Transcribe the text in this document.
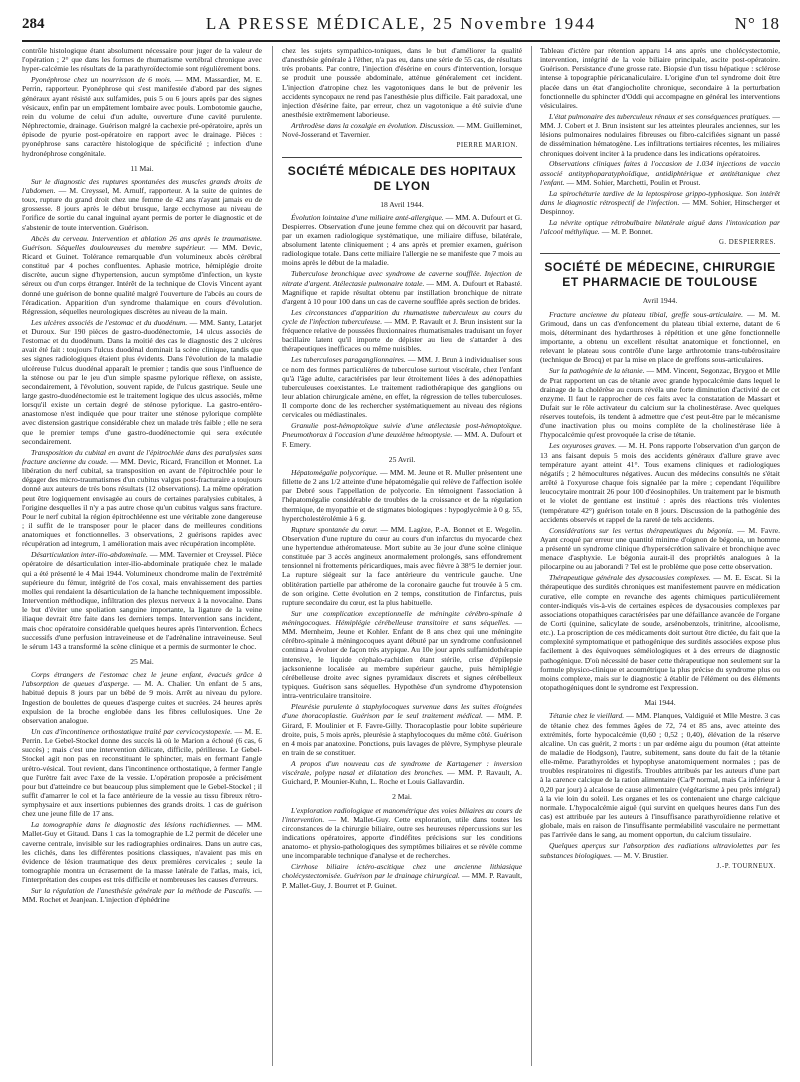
284	LA PRESSE MÉDICALE, 25 Novembre 1944	N° 18

contrôle histologique étant absolument nécessaire pour juger de la valeur de l'opération ; 2° que dans les formes de rhumatisme vertébral chronique avec hyper-calcémie les résultats de la parathyroïdectomie sont régulièrement bons.

Pyonéphrose chez un nourrisson de 6 mois. — MM. Massardier, M. E. Perrin, rapporteur. Pyonéphrose qui s'est manifestée d'abord par des signes généraux ayant résisté aux sulfamides, puis 5 ou 6 jours après par des signes vésicaux, enfin par un empâtement lombaire avec pouls. Lombotomie gauche, rein du volume de celui d'un adulte, ouverture d'une cavité purulente. Néphrectomie, drainage. Guérison malgré la cachexie pré-opératoire, après un épisode de pyurie post-opératoire en rapport avec le drainage. Pièces : pyonéphrose sans caractère histologique de spécificité ; infection d'une hydronéphrose congénitale.

11 Mai.

Sur le diagnostic des ruptures spontanées des muscles grands droits de l'abdomen. — M. Creyssel, M. Arnulf, rapporteur. A la suite de quintes de toux, rupture du grand droit chez une femme de 42 ans n'ayant jamais eu de grossesse. 8 jours après le début brusque, large ecchymose au niveau de l'orifice de sortie du canal inguinal ayant permis de porter le diagnostic et de s'abstenir de toute intervention. Guérison.

Abcès du cerveau. Intervention et ablation 26 ans après le traumatisme. Guérison. Séquelles douloureuses du membre supérieur. — MM. Devic, Ricard et Guinet. Tolérance remarquable d'un volumineux abcès cérébral constitué par 4 poches confluentes. Aphasie motrice, hémiplégie droite discrète, aucun signe d'hypertension, aucun symptôme d'infection, un kyste séreux ou d'un corps étranger. Intérêt de la technique de Clovis Vincent ayant donné une guérison de bonne qualité malgré l'ouverture de l'abcès au cours de l'éradication. Apparition d'un syndrome thalamique en cours d'évolution. Régression, séquelles neurologiques discrètes au niveau de la main.

Les ulcères associés de l'estomac et du duodénum. — MM. Santy, Latarjet et Duroux. Sur 190 pièces de gastro-duodénectomie, 14 ulcus associés de l'estomac et du duodénum. Dans la moitié des cas le diagnostic des 2 ulcères avait été fait : toujours l'ulcus duodénal dominait la scène clinique, tandis que ses signes radiologiques étaient plus évidents. Dans l'évolution de la maladie ulcéreuse l'ulcus duodénal apparaît le premier ; tandis que sous l'influence de la sténose ou par le jeu d'un simple spasme pylorique réflexe, on assiste, secondairement, à l'évolution, souvent rapide, de l'ulcus gastrique. Seule une large gastro-duodénectomie est le traitement logique des ulcus associés, même lorsqu'il existe un certain degré de sténose pylorique. La gastro-entéro-anastomose n'est indiquée que pour traiter une sténose pylorique complète avec distension gastrique considérable chez un malade très faible ; elle ne sera que le premier temps d'une gastro-duodénectomie qui sera exécutée secondairement.

Transposition du cubital en avant de l'épitrochlée dans des paralysies sans fracture ancienne du coude. — MM. Devic, Ricard, Francillon et Monnet. La libération du nerf cubital, sa transposition en avant de l'épitrochlée pour le dégager des micro-traumatismes d'un cubitus valgus post-fracturaire a toujours donné aux auteurs de très bons résultats (12 observations). La même opération peut être logiquement envisagée au cours de certaines paralysies cubitales, à l'origine desquelles il n'y a pas autre chose qu'un cubitus valgus sans fracture. Pour le nerf cubital la région épitrochléenne est une véritable zone dangereuse ; il suffit de le transposer pour le placer dans de meilleures conditions anatomiques et fonctionnelles. 3 observations, 2 guérisons rapides avec récupération ad integrum, 1 amélioration mais avec récupération incomplète.

Désarticulation inter-ilio-abdominale. — MM. Tavernier et Creyssel. Pièce opératoire de désarticulation inter-ilio-abdominale pratiquée chez le malade qui a été présenté le 4 Mai 1944. Volumineux chondrome malin de l'extrémité supérieure du fémur, intégrité de l'os coxal, mais envahissement des parties molles qui rendaient la désarticulation de la hanche techniquement impossible. Intervention méthodique, infiltration des plexus nerveux à la novocaïne. Dans le but d'éviter une spoliation sanguine importante, la ligature de la veine iliaque devrait être faite dans les derniers temps. Intervention sans incident, mais choc opératoire considérable quelques heures après l'intervention. Échecs successifs d'une perfusion intraveineuse et de l'adrénaline intraveineuse. Seul le sérum 143 a transformé la scène clinique et a permis de surmonter le choc.

25 Mai.

Corps étrangers de l'estomac chez le jeune enfant, évacués grâce à l'absorption de queues d'asperge. — M. A. Chalier. Un enfant de 5 ans, habitué depuis 8 jours par un bébé de 9 mois. Arrêt au niveau du pylore. Ingestion de boulettes de queues d'asperge cuites et sucrées. 24 heures après expulsion de la broche englobée dans les fibres cellulosiques. Une 2e observation analogue.

Un cas d'incontinence orthostatique traité par cervicocystopexie. — M. E. Perrin. Le Gebel-Stockel donne des succès là où le Marion a échoué (6 cas, 6 succès) ; mais c'est une intervention délicate, difficile, périlleuse. Le Gebel-Stockel agit non pas en reconstituant le sphincter, mais en fermant l'angle urétro-vésical. Tout revient, dans l'incontinence orthostatique, à fermer l'angle que l'urètre fait avec l'axe de la vessie. L'opération proposée a précisément pour but d'atteindre ce but beaucoup plus simplement que le Gebel-Stockel ; il suffit d'amarrer le col et la face antérieure de la vessie au tissu fibreux rétro-symphysaire et aux insertions pubiennes des grands droits. 1 cas de guérison chez une jeune fille de 17 ans.

La tomographie dans le diagnostic des lésions rachidiennes. — MM. Mallet-Guy et Gitaud. Dans 1 cas la tomographie de L2 permit de déceler une caverne centrale, invisible sur les radiographies ordinaires. Dans un autre cas, les clichés, dans les différentes positions classiques, n'avaient pas mis en évidence de lésion traumatique des deux premières cervicales ; seule la tomographie montra un écrasement de la masse latérale de l'atlas, mais, ici, l'interprétation des coupes est très difficile et nombreuses les causes d'erreurs.

Sur la régulation de l'anesthésie générale par la méthode de Pascalis. — MM. Rochet et Jeanjean. L'injection d'éphédrine

chez les sujets sympathico-toniques, dans le but d'améliorer la qualité d'anesthésie générale à l'éther, n'a pas eu, dans une série de 55 cas, de résultats très probants. Par contre, l'injection d'ésérine en cours d'intervention, lorsque se produit une poussée abdominale, atténue généralement cet incident. L'injection d'atropine chez les vagotoniques dans le but de prévenir les accidents syncopaux ne rend pas l'anesthésie plus difficile. Fait paradoxal, une injection d'ésérine faite, par erreur, chez un vagotonique a été suivie d'une anesthésie extrêmement laborieuse.

Arthrodèse dans la coxalgie en évolution. Discussion. — MM. Guilleminet, Nové-Josserand et Tavernier.

PIERRE MARION.
SOCIÉTÉ MÉDICALE DES HOPITAUX DE LYON
18 Avril 1944.

Évolution lointaine d'une miliaire anté-allergique. — MM. A. Dufourt et G. Despierres. Observation d'une jeune femme chez qui on découvrit par hasard, par un examen radiologique systématique, une miliaire diffuse, bilatérale, absolument latente cliniquement ; 4 ans après et premier examen, guérison radiologique totale. Dans cette miliaire l'allergie ne se manifeste que 7 mois au moins après le début de la maladie.

Tuberculose bronchique avec syndrome de caverne soufflée. Injection de nitrate d'argent. Atélectasie pulmonaire totale. — MM. A. Dufourt et Rabasté. Magnifique et rapide résultat obtenu par instillation bronchique de nitrate d'argent à 10 pour 100 dans un cas de caverne soufflée après section de brides.

Les circonstances d'apparition du rhumatisme tuberculeux au cours du cycle de l'infection tuberculeuse. — MM. P. Ravault et J. Brun insistent sur la fréquence relative de poussées fluxionnaires rhumatismales traduisant un foyer bacillaire latent qu'il importe de dépister au lieu de s'attarder à des thérapeutiques inefficaces ou même nuisibles.

Les tuberculoses paraganglionnaires. — MM. J. Brun à individualiser sous ce nom des formes particulières de tuberculose surtout viscérale, chez l'enfant qu'à l'âge adulte, caractérisées par leur étroitement liées à des adénopathies tuberculeuses coexistantes. Le traitement radiothérapique des ganglions ou leur ablation chirurgicale amène, en effet, la régression de telles tuberculoses. Il comporte donc de les rechercher systématiquement au niveau des régions cervicales ou médiastinales.

Granulie post-hémoptoïque suivie d'une atélectasie post-hémoptoïque. Pneumothorax à l'occasion d'une deuxième hémoptysie. — MM. A. Dufourt et F. Emery.

25 Avril.

Hépatomégalie polycorique. — MM. M. Jeune et R. Muller présentent une fillette de 2 ans 1/2 atteinte d'une hépatomégalie qui relève de l'affection isolée par Debré sous l'appellation de polycorie. En témoignent l'association à l'hépatomégalie considérable de troubles de la croissance et de la régulation thermique, de myopathie et de stigmates biologiques : hypoglycémie à 0 g. 55, hypercholestérolémie à 6 g.

Rupture spontanée du cœur. — MM. Lagèze, P.-A. Bonnet et E. Wegelin. Observation d'une rupture du cœur au cours d'un infarctus du myocarde chez une hypertendue athéromateuse. Mort subite au 3e jour d'une scène clinique constituée par 3 accès angineux anormalement prolongés, sans effondrement tensionnel ni frottements péricardiques, mais avec fièvre à 38°5 le dernier jour. La rupture siégeait sur la face antérieure du ventricule gauche. Une oblitération partielle par athérome de la coronaire gauche fut trouvée à 5 cm. de son origine. Cette évolution en 2 temps, constitution de l'infarctus, puis rupture secondaire du cœur, est la plus habituelle.

Sur une complication exceptionnelle de méningite cérébro-spinale à méningocoques. Hémiplégie cérébelleuse transitoire et sans séquelles. — MM. Mernheim, Jeune et Kohler. Enfant de 8 ans chez qui une méningite cérébro-spinale à méningocoques ayant débuté par un syndrome confusionnel continua à évoluer de façon très atypique. Au 10e jour après sulfamidothérapie intensive, le liquide céphalo-rachidien étant stérile, crise d'épilepsie jacksonienne localisée au membre supérieur gauche, puis hémiplégie cérébelleuse droite avec signes pyramidaux discrets et signes cérébelleux typiques. Guérison sans séquelles. Hypothèse d'un syndrome d'hypotension intra-ventriculaire transitoire.

Pleurésie purulente à staphylocoques survenue dans les suites éloignées d'une thoracoplastie. Guérison par le seul traitement médical. — MM. P. Girard, F. Moulinier et F. Favre-Gilly. Thoracoplastie pour lobite supérieure droite, puis, 5 mois après, pleurésie à staphylocoques du même côté. Guérison en 4 mois par anatoxine. Ponctions, puis lavages de plèvre, Symphyse pleurale en train de se constituer.

A propos d'un nouveau cas de syndrome de Kartagener : inversion viscérale, polype nasal et dilatation des bronches. — MM. P. Ravault, A. Guichard, P. Mounier-Kuhn, L. Roche et Louis Gallavardin.

2 Mai.

L'exploration radiologique et manométrique des voies biliaires au cours de l'intervention. — M. Mallet-Guy. Cette exploration, utile dans toutes les circonstances de la chirurgie biliaire, outre ses heureuses répercussions sur les indications opératoires, apporte d'indéfites précisions sur les conditions anatomo- et physio-pathologiques des symptômes biliaires et se révèle comme une incomparable technique d'analyse et de recherches.

Cirrhose biliaire ictéro-ascitique chez une ancienne lithiasique cholécystectomisée. Guérison par le drainage chirurgical. — MM. P. Ravault, P. Mallet-Guy, J. Bourret et P. Guinet.

Tableau d'ictère par rétention apparu 14 ans après une cholécystectomie, intervention, intégrité de la voie biliaire principale, ascite post-opératoire. Guérison. Persistance d'une grosse rate. Biopsie d'un tissu hépatique : sclérose intense à topographie péricanaliculaire. L'origine d'un tel syndrome doit être placée dans un état d'angiocholite chronique, secondaire à la perturbation fonctionnelle du sphincter d'Oddi qui accompagne en général les interventions vésiculaires.

L'état pulmonaire des tuberculeux rénaux et ses conséquences pratiques. — MM. J. Cobert et J. Brun insistent sur les atteintes pleurales anciennes, sur les lésions pulmonaires nodulaires fibreuses ou fibro-calcifiées signant un passé de dissémination hématogène. Les infiltrations tertiaires récentes, les miliaires chroniques doivent inciter à la prudence dans les indications opératoires.

Observations cliniques faites à l'occasion de 1.034 injections de vaccin associé antityphoparatyphoïdique, antidiphtérique et antitétanique chez l'enfant. — MM. Sohier, Marchetti, Poulin et Proust.

La spirochéturie tardive de la leptospirose grippo-typhosique. Son intérêt dans le diagnostic rétrospectif de l'infection. — MM. Sohier, Hinscherger et Despinnoy.

La névrite optique rétrobulbaire bilatérale aiguë dans l'intoxication par l'alcool méthylique. — M. P. Bonnet.

G. DESPIERRES.
SOCIÉTÉ DE MÉDECINE, CHIRURGIE ET PHARMACIE DE TOULOUSE
Avril 1944.

Fracture ancienne du plateau tibial, greffe sous-articulaire. — M. M. Grimoud, dans un cas d'enfoncement du plateau tibial externe, datant de 6 mois, déterminant des hydarthroses à répétition et une gêne fonctionnelle importante, a obtenu un excellent résultat anatomique et fonctionnel, en relevant le plateau sous contrôle d'une large arthrotomie trans-tubérositaire (technique de Brocq) et par la mise en place de greffons sous-articulaires.

Sur la pathogénie de la tétanie. — MM. Vincent, Segonzac, Brygoo et Mlle de Prat rapportent un cas de tétanie avec grande hypocalcémie dans lequel le drainage de la cholérèse au cours révéla une forte diminution d'activité de cet enzyme. Il faut le rapprocher de ces faits avec la constatation de Massart et Dufait sur le rôle activateur du calcium sur la cholinestérase. Avec quelques réserves toutefois, ils tendent à admettre que c'est peut-être par le mécanisme d'une inactivation plus ou moins complète de la cholinestérase liée à l'hypocalcémie qu'est provoquée la crise de tétanie.

Les oxyuroses graves. — M. H. Pons rapporte l'observation d'un garçon de 13 ans faisant depuis 5 mois des accidents généraux d'allure grave avec température ayant atteint 41°. Tous examens cliniques et radiologiques négatifs ; 2 hémocultures négatives. Aucun des médecins consultés ne s'était arrêté à l'oxyurose chaque fois signalée par la mère ; cependant l'équilibre leucocytaire montrait 26 pour 100 d'éosinophiles. Un traitement par le bismuth et le violet de gentiane est institué : après des réactions très violentes (température 42°) guérison totale en 8 jours. Discussion de la pathogénie des accidents observés et rappel de la rareté de tels accidents.

Considérations sur les vertus thérapeutiques du bégonia. — M. Favre. Ayant croqué par erreur une quantité minime d'oignon de bégonia, un homme a présenté un syndrome clinique d'hypersécrétion salivaire et bronchique avec menace d'asphyxie. Le bégonia aurait-il des propriétés analogues à la pilocarpine ou au jaborandi ? Tel est le problème que pose cette observation.

Thérapeutique générale des dysacousies complexes. — M. E. Escat. Si la thérapeutique des surdités chroniques est manifestement pauvre en médication curative, elle compte en revanche des agents chimiques particulièrement conter-indiqués vis-à-vis de certaines espèces de dysacousies complexes par associations otopathiques caractérisées par une défaillance avancée de l'organe de Corti (quinine, salicylate de soude, arsénobenzols, trinitrine, alcoolisme, etc.). La proscription de ces médicaments doit surtout être dictée, du fait que la complexité symptomatique et pathogénique des surdités associées expose plus facilement à des équivoques séméiologiques et à des erreurs de diagnostic pathogénique. D'où nécessité de baser cette thérapeutique non seulement sur la formule physico-clinique et acoumétrique la plus précise du syndrome plus ou moins complexe, mais sur le diagnostic à établir de l'élément ou des éléments otopathogéniques dont le syndrome est l'expression.

Mai 1944.

Tétanie chez le vieillard. — MM. Planques, Valdiguié et Mlle Mestre. 3 cas de tétanie chez des femmes âgées de 72, 74 et 85 ans, avec atteinte des extrémités, forte hypocalcémie (0,60 ; 0,52 ; 0,40), élévation de la réserve alcaline. Un cas guérit, 2 morts : un par œdème aigu du poumon (état atteinte de maladie de Hodgson), l'autre, subitement, sans doute du fait de la tétanie elle-même. Parathyroïdes et hypophyse anatomiquement normales ; pas de troubles respiratoires ni digestifs. Troubles attribués par les auteurs d'une part à la carence calcique de la ration alimentaire (Ca/P normal, mais Ca inférieur à 0,20 par jour) à alcalose de cause alimentaire (végétarisme à peu près intégral) à la vie loin du soleil. Les organes et les os contenaient une charge calcique normale. L'hypocalcémie aiguë (qui survint en quelques heures dans l'un des cas) est attribuée par les auteurs à l'insuffisance parathyroïdienne relative et globale, mais en raison de l'insuffisante perméabilité vasculaire ne permettant pas l'arrivée dans le sang, au moment opportun, du calcium tissulaire.

Quelques aperçus sur l'absorption des radiations ultraviolettes par les substances biologiques. — M. V. Brustier.

J.-P. TOURNEUX.
